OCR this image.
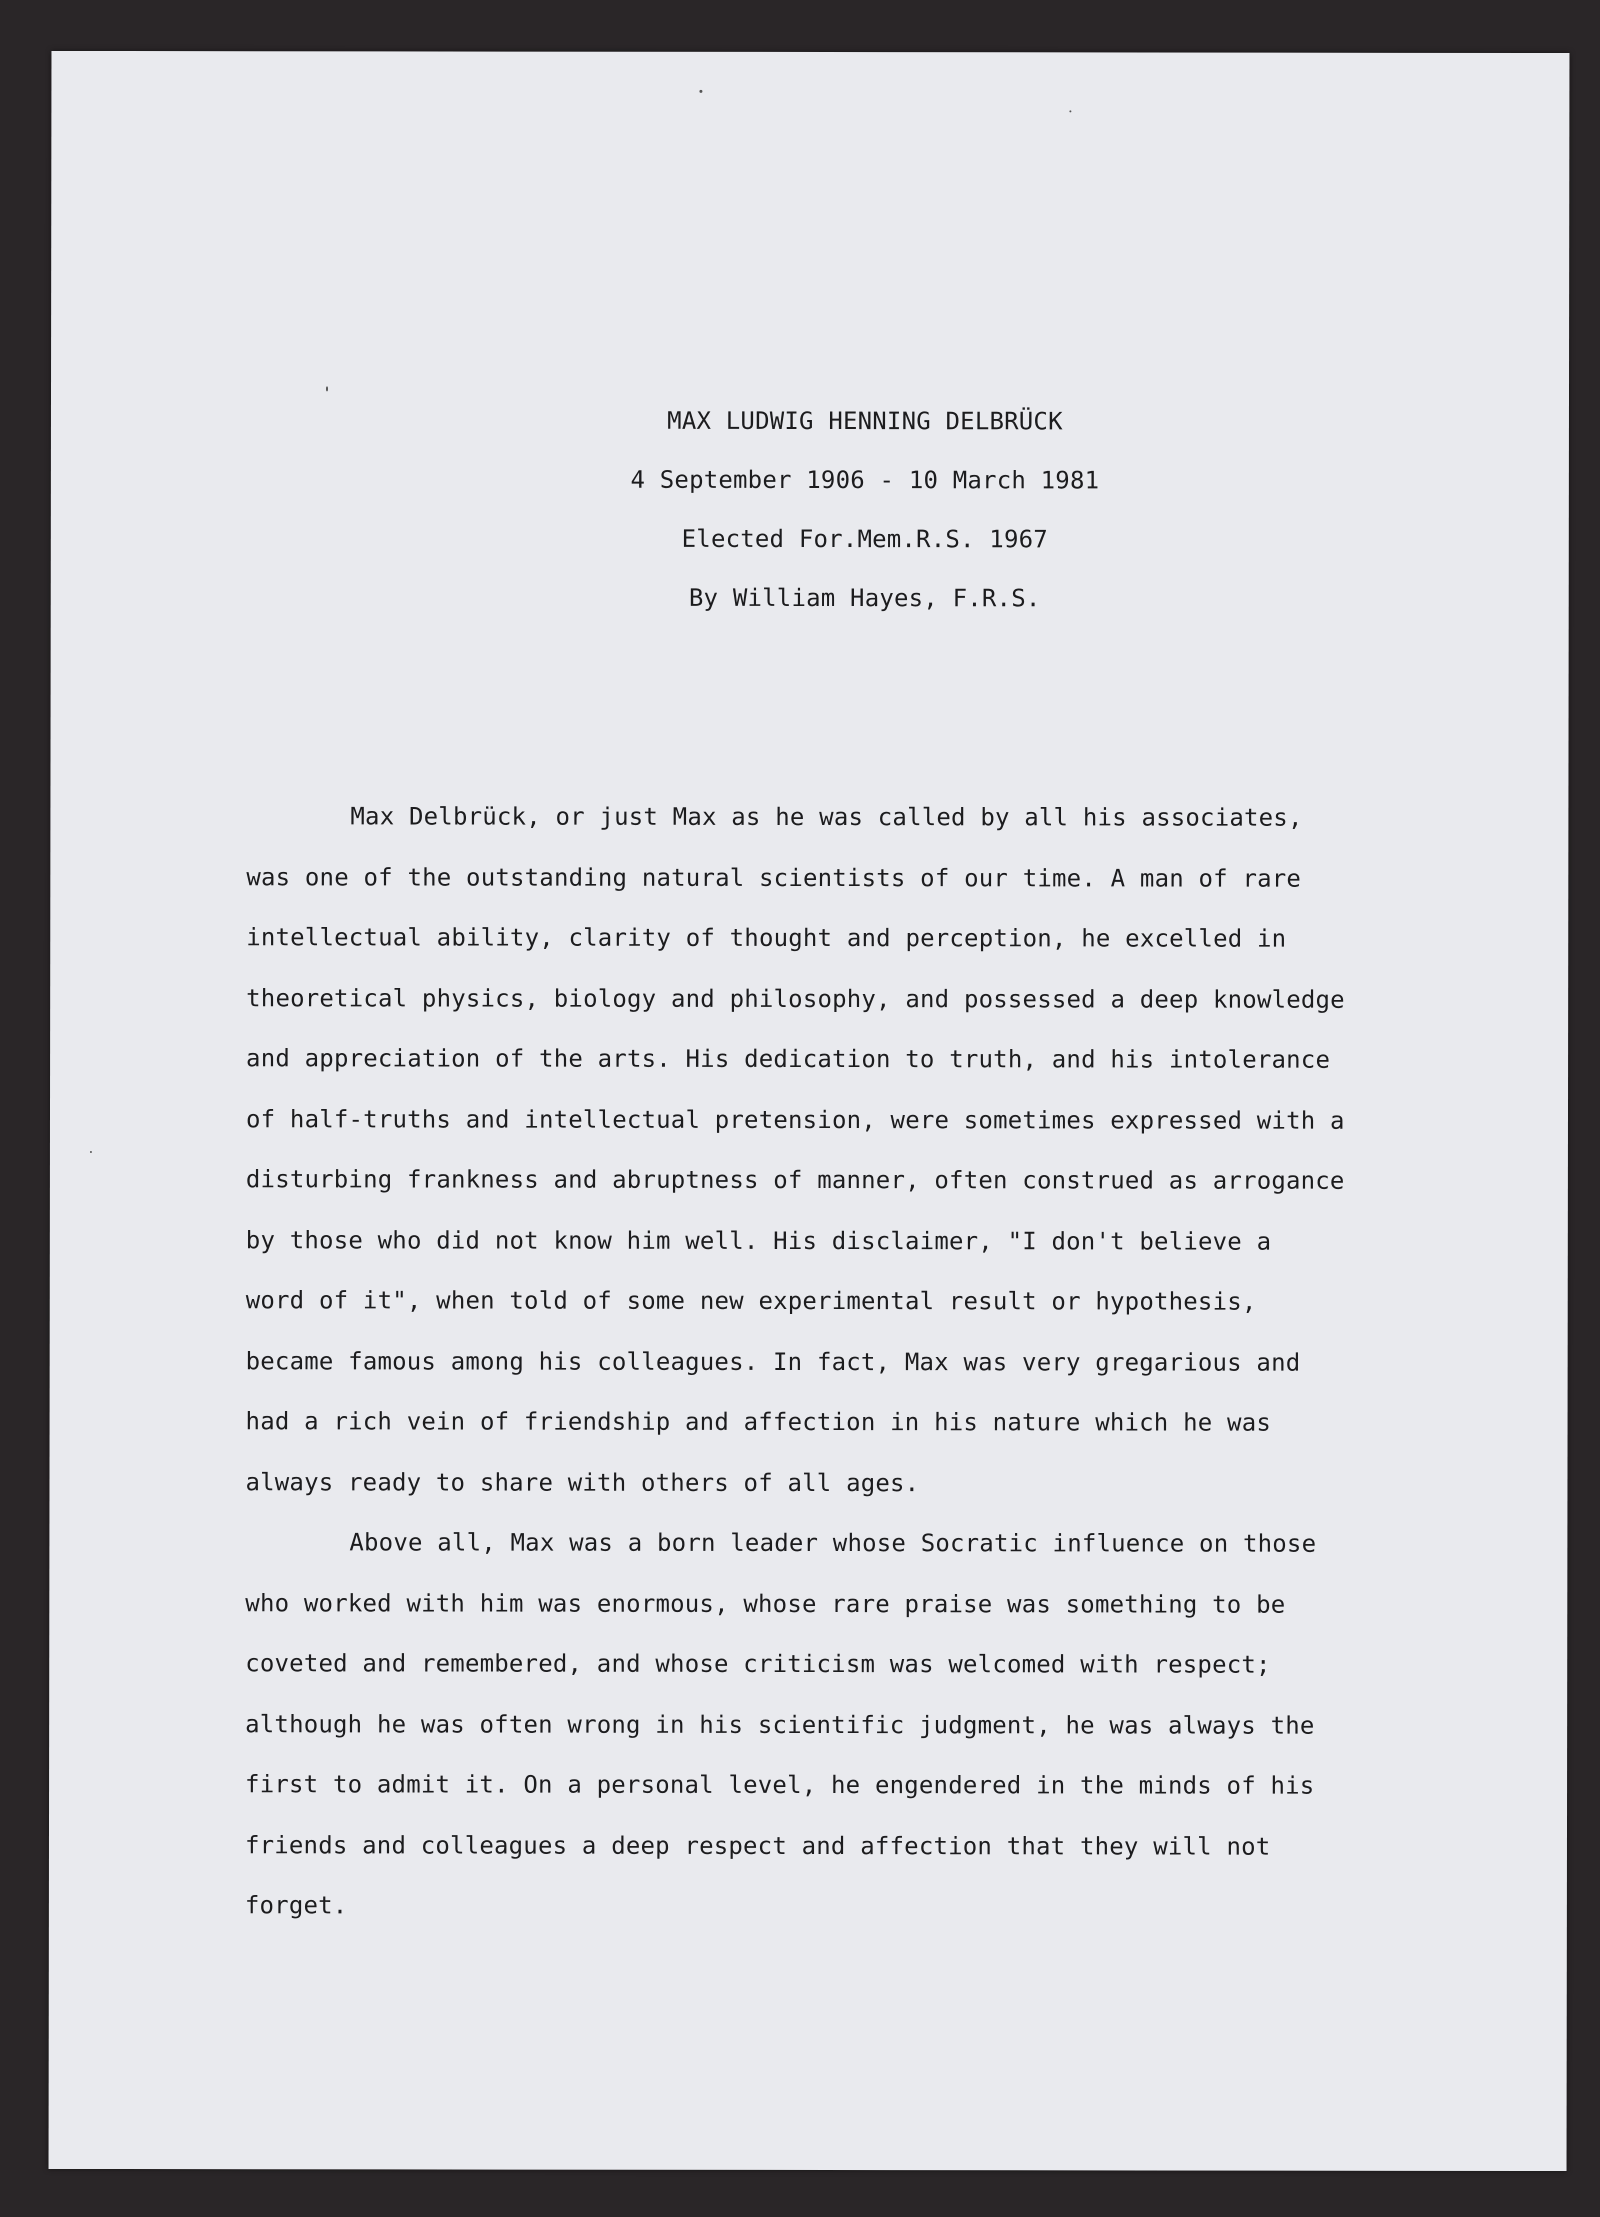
MAX LUDWIG HENNING DELBRÜCK
4 September 1906 - 10 March 1981
Elected For.Mem.R.S. 1967
By William Hayes, F.R.S.
Max Delbrück, or just Max as he was called by all his associates,
was one of the outstanding natural scientists of our time. A man of rare
intellectual ability, clarity of thought and perception, he excelled in
theoretical physics, biology and philosophy, and possessed a deep knowledge
and appreciation of the arts. His dedication to truth, and his intolerance
of half-truths and intellectual pretension, were sometimes expressed with a
disturbing frankness and abruptness of manner, often construed as arrogance
by those who did not know him well. His disclaimer, "I don't believe a
word of it", when told of some new experimental result or hypothesis,
became famous among his colleagues. In fact, Max was very gregarious and
had a rich vein of friendship and affection in his nature which he was
always ready to share with others of all ages.
Above all, Max was a born leader whose Socratic influence on those
who worked with him was enormous, whose rare praise was something to be
coveted and remembered, and whose criticism was welcomed with respect;
although he was often wrong in his scientific judgment, he was always the
first to admit it. On a personal level, he engendered in the minds of his
friends and colleagues a deep respect and affection that they will not
forget.
